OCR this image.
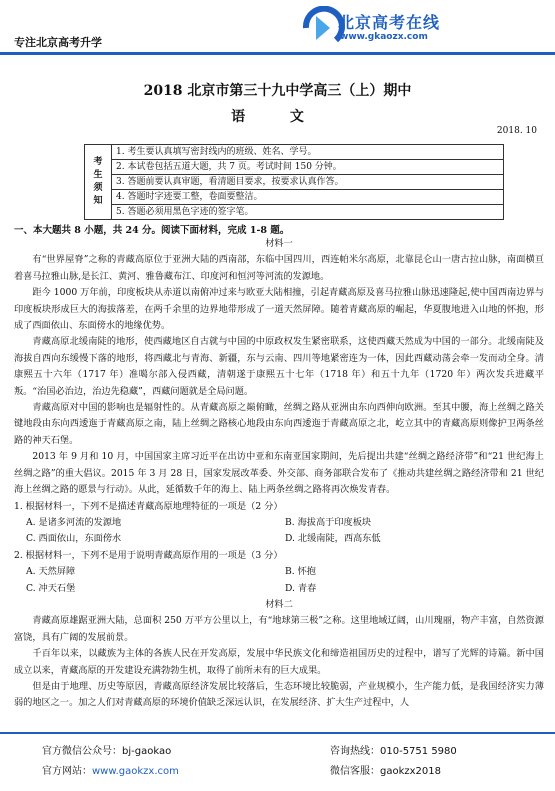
专注北京高考升学
北京高考在线
www.gkaozx.com
2018 北京市第三十九中学高三（上）期中
语 文
2018. 10
考
生
须
知
	1. 考生要认真填写密封线内的班级、姓名、学号。
2. 本试卷包括五道大题，共 7 页。考试时间 150 分钟。
3. 答题前要认真审题，看清题目要求，按要求认真作答。
4. 答题时字迹要工整，卷面要整洁。
5. 答题必须用黑色字迹的签字笔。
一、本大题共 8 小题，共 24 分。阅读下面材料，完成 1-8 题。

材料一

有“世界屋脊”之称的青藏高原位于亚洲大陆的西南部，东临中国四川，西连帕米尔高原，北靠昆仑山一唐古拉山脉，南面横亘着喜马拉雅山脉,是长江、黄河、雅鲁藏布江、印度河和恒河等河流的发源地。

距今 1000 万年前，印度板块从赤道以南俯冲过来与欧亚大陆相撞，引起青藏高原及喜马拉雅山脉迅速隆起,使中国西南边界与印度板块形成巨大的海拔落差，在两千余里的边界地带形成了一道天然屏障。随着青藏高原的崛起，华夏腹地进入山地的怀抱，形成了西面依山、东面傍水的地缘优势。

青藏高原北缓南陡的地形，使西藏地区自古就与中国的中原政权发生紧密联系，这使西藏天然成为中国的一部分。北缓南陡及海拔自西向东缓慢下落的地形，将西藏北与青海、新疆，东与云南、四川等地紧密连为一体，因此西藏动荡会牵一发而动全身。清康熙五十六年（1717 年）准噶尔部入侵西藏，清朝遂于康熙五十七年（1718 年）和五十九年（1720 年）两次发兵进藏平叛。“治国必治边，治边先稳藏”，西藏问题就是全局问题。

青藏高原对中国的影响也是辐射性的。从青藏高原之巅俯瞰，丝绸之路从亚洲由东向西伸向欧洲。至其中腰，海上丝绸之路关键地段由东向西逶迤于青藏高原之南，陆上丝绸之路核心地段由东向西逶迤于青藏高原之北，屹立其中的青藏高原则像护卫两条丝路的神天石堡。

2013 年 9 月和 10 月，中国国家主席习近平在出访中亚和东南亚国家期间，先后提出共建“丝绸之路经济带”和“21 世纪海上丝绸之路”的重大倡议。2015 年 3 月 28 日，国家发展改革委、外交部、商务部联合发布了《推动共建丝绸之路经济带和 21 世纪海上丝绸之路的愿景与行动》。从此，延循数千年的海上、陆上两条丝绸之路将再次焕发青春。

1. 根据材料一，下列不是描述青藏高原地理特征的一项是（2 分）
A. 是诸多河流的发源地	B. 海拔高于印度板块
C. 西面依山，东面傍水	D. 北缓南陡，西高东低
2. 根据材料一，下列不是用于说明青藏高原作用的一项是（3 分）
A. 天然屏障	B. 怀抱
C. 冲天石堡	D. 青春

材料二

青藏高原雄踞亚洲大陆，总面积 250 万平方公里以上，有“地球第三极”之称。这里地域辽阔，山川瑰丽，物产丰富，自然资源富饶，具有广阔的发展前景。

千百年以来，以藏族为主体的各族人民在开发高原，发展中华民族文化和缔造祖国历史的过程中，谱写了光辉的诗篇。新中国成立以来，青藏高原的开发建设充满勃勃生机，取得了前所未有的巨大成果。

但是由于地理、历史等原因，青藏高原经济发展比较落后，生态环境比较脆弱，产业规模小，生产能力低，是我国经济实力薄弱的地区之一。加之人们对青藏高原的环境价值缺乏深远认识，在发展经济、扩大生产过程中，人

官方微信公众号：bj-gaokao
官方网站：www.gaokzx.com
咨询热线：010-5751 5980
微信客服：gaokzx2018
